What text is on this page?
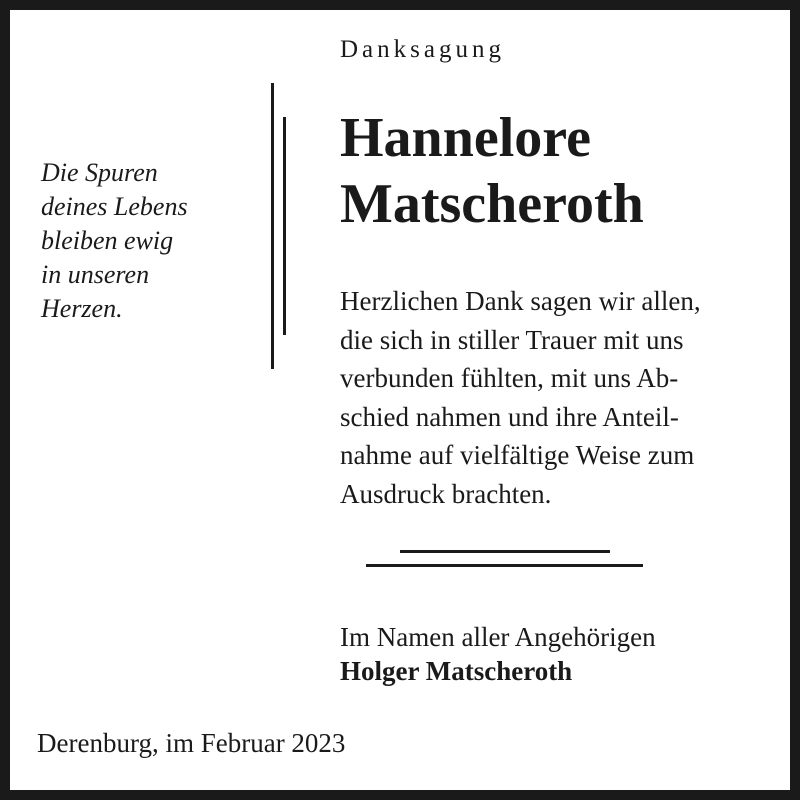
Danksagung
Hannelore
Matscheroth
Die Spuren
deines Lebens
bleiben ewig
in unseren
Herzen.	Herzlichen Dank sagen wir allen,
die sich in stiller Trauer mit uns
verbunden fühlten, mit uns Ab-
schied nahmen und ihre Anteil-
nahme auf vielfältige Weise zum
Ausdruck brachten.
Im Namen aller Angehörigen
Holger Matscheroth
Derenburg, im Februar 2023
